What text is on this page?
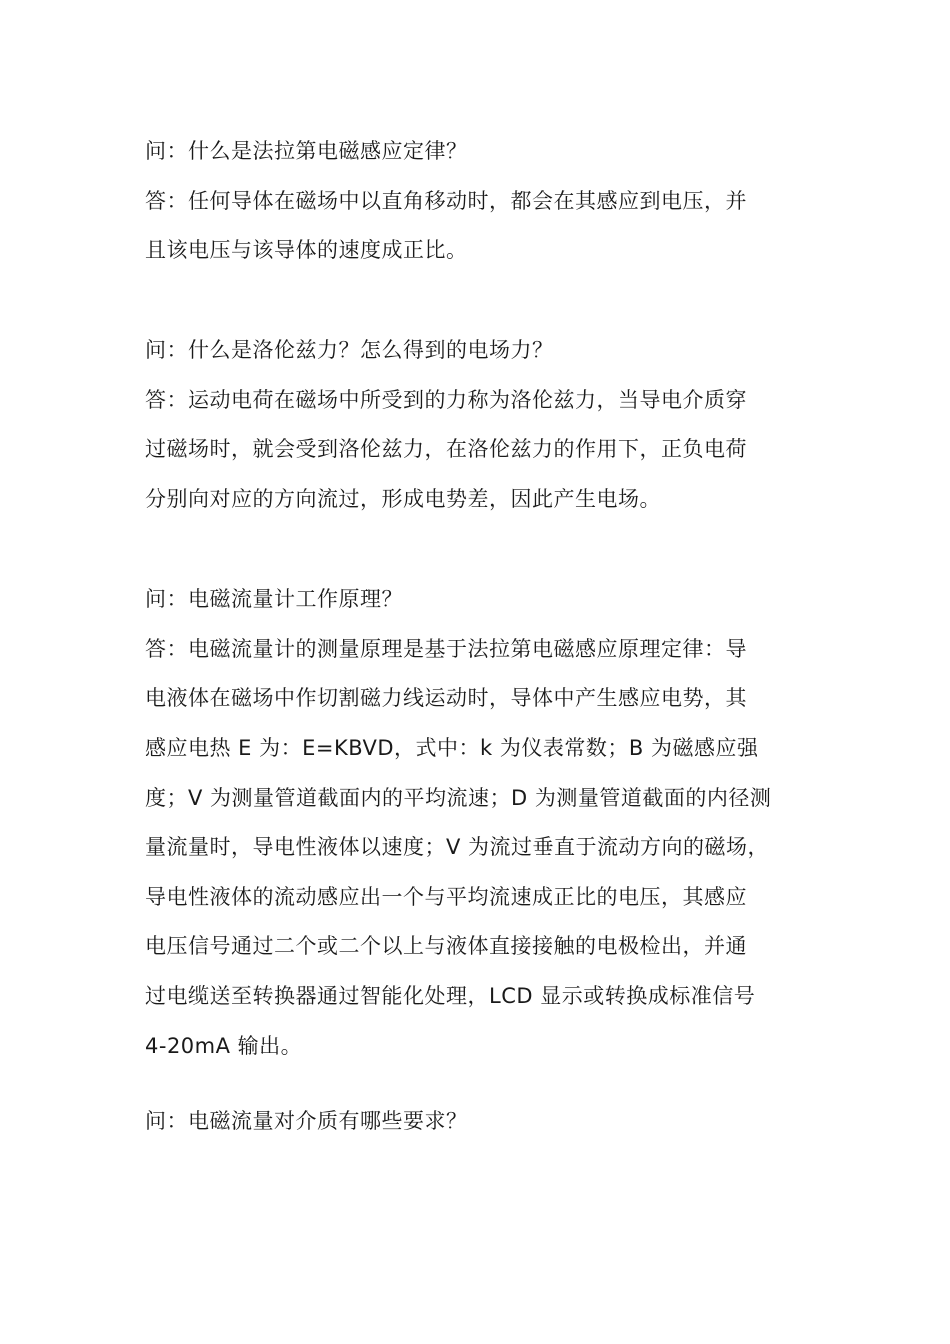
问：什么是法拉第电磁感应定律？
答：任何导体在磁场中以直角移动时，都会在其感应到电压，并
且该电压与该导体的速度成正比。
问：什么是洛伦兹力？怎么得到的电场力？
答：运动电荷在磁场中所受到的力称为洛伦兹力，当导电介质穿
过磁场时，就会受到洛伦兹力，在洛伦兹力的作用下，正负电荷
分别向对应的方向流过，形成电势差，因此产生电场。
问：电磁流量计工作原理？
答：电磁流量计的测量原理是基于法拉第电磁感应原理定律：导
电液体在磁场中作切割磁力线运动时，导体中产生感应电势，其
感应电热 E 为：E=KBVD，式中：k 为仪表常数；B 为磁感应强
度；V 为测量管道截面内的平均流速；D 为测量管道截面的内径测
量流量时，导电性液体以速度；V 为流过垂直于流动方向的磁场，
导电性液体的流动感应出一个与平均流速成正比的电压，其感应
电压信号通过二个或二个以上与液体直接接触的电极检出，并通
过电缆送至转换器通过智能化处理，LCD 显示或转换成标准信号
4-20mA 输出。
问：电磁流量对介质有哪些要求？
